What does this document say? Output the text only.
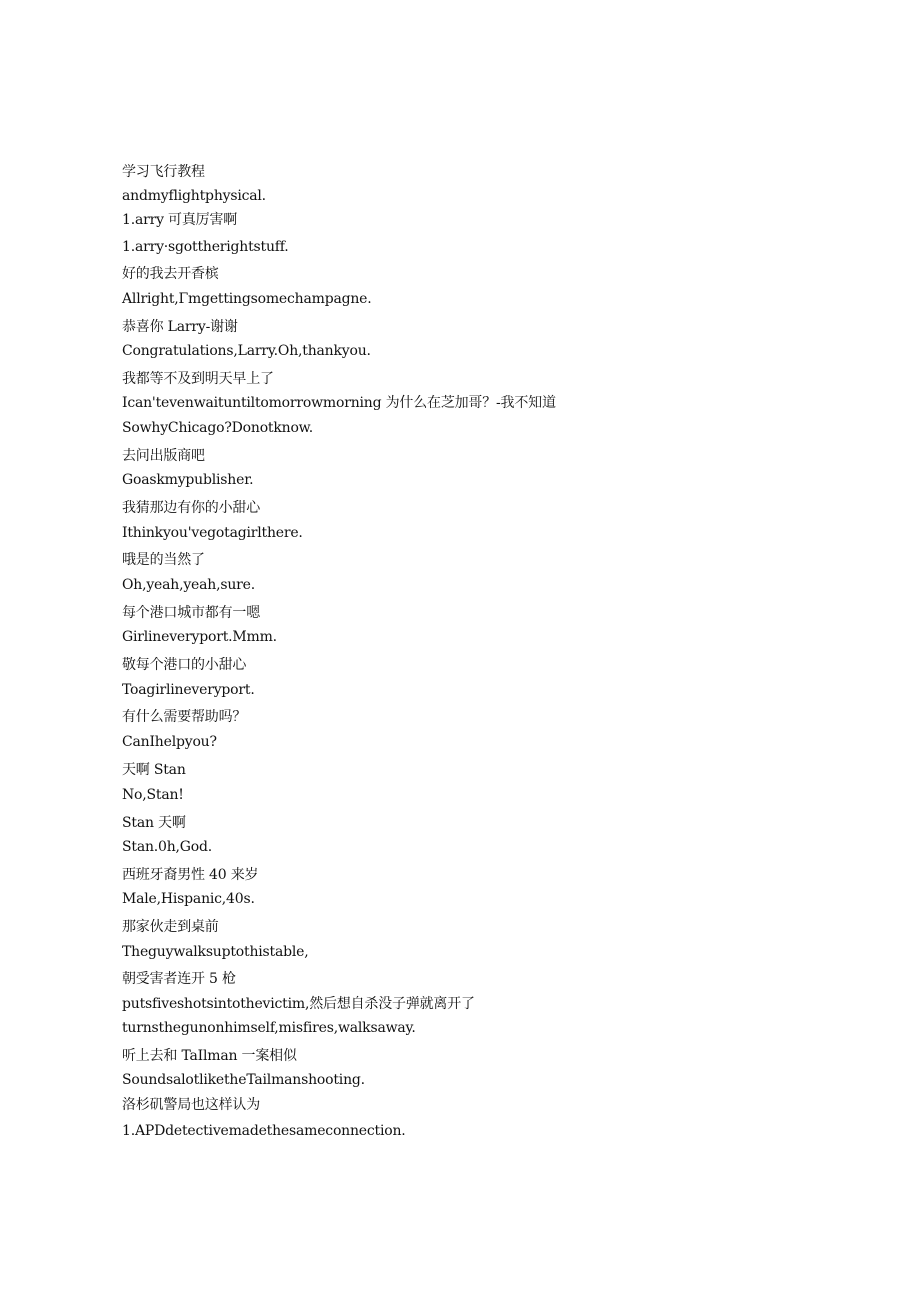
学习飞行教程
andmyflightphysical.
1.arry 可真厉害啊
1.arry·sgottherightstuff.
好的我去开香槟
Allright,Γmgettingsomechampagne.
恭喜你 Larry-谢谢
Congratulations,Larry.Oh,thankyou.
我都等不及到明天早上了
Ican'tevenwaituntiltomorrowmorning 为什么在芝加哥？-我不知道
SowhyChicago?Donotknow.
去问出版商吧
Goaskmypublisher.
我猜那边有你的小甜心
Ithinkyou'vegotagirlthere.
哦是的当然了
Oh,yeah,yeah,sure.
每个港口城市都有一嗯
Girlineveryport.Mmm.
敬每个港口的小甜心
Toagirlineveryport.
有什么需要帮助吗？
CanIhelpyou?
天啊 Stan
No,Stan!
Stan 天啊
Stan.0h,God.
西班牙裔男性 40 来岁
Male,Hispanic,40s.
那家伙走到桌前
Theguywalksuptothistable,
朝受害者连开 5 枪
putsfiveshotsintothevictim,然后想自杀没子弹就离开了
turnsthegunonhimself,misfires,walksaway.
听上去和 TaIlman 一案相似
SoundsalotliketheTailmanshooting.
洛杉矶警局也这样认为
1.APDdetectivemadethesameconnection.
